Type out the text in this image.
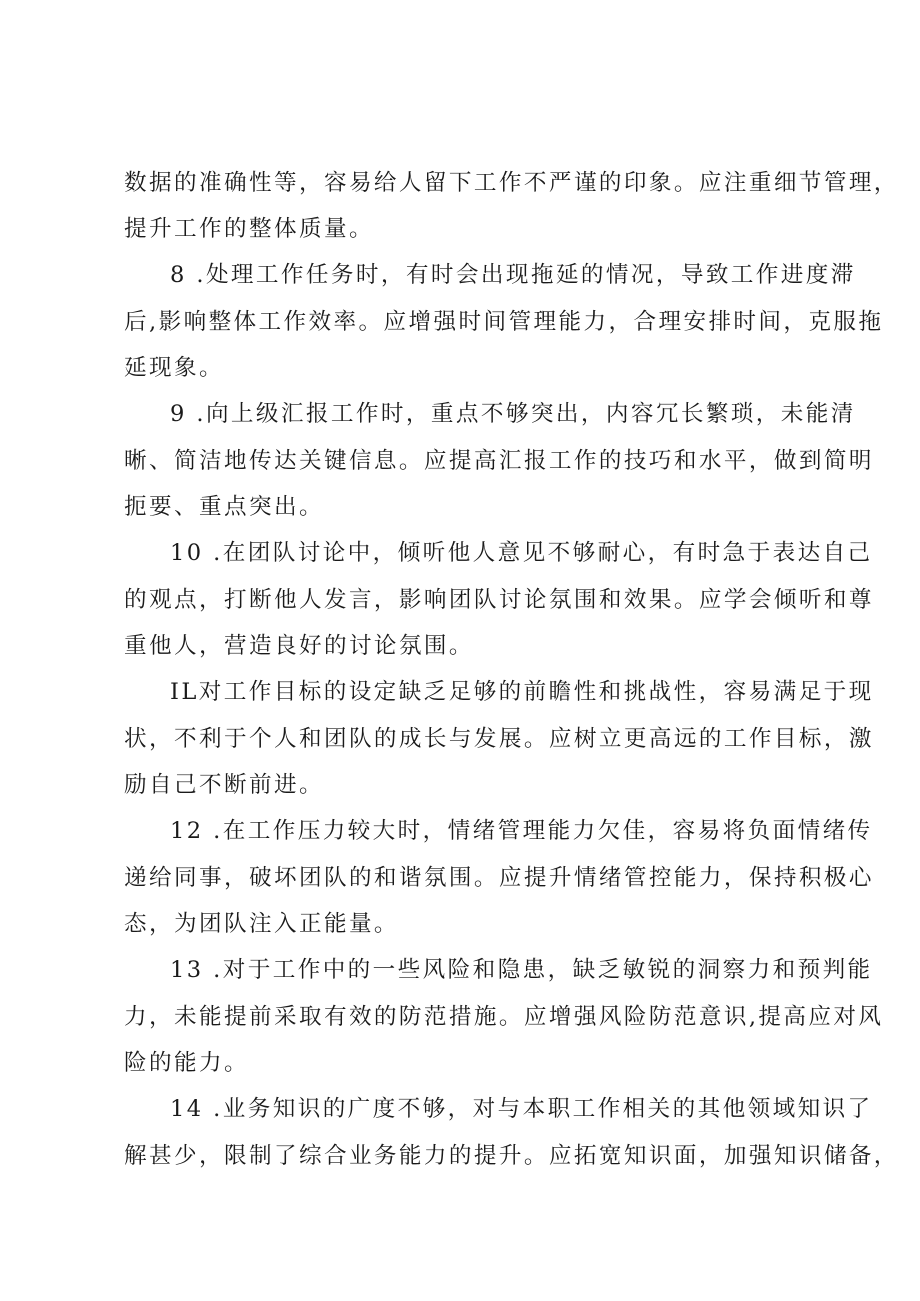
数据的准确性等，容易给人留下工作不严谨的印象。应注重细节管理，
提升工作的整体质量。
8 .处理工作任务时，有时会出现拖延的情况，导致工作进度滞
后,影响整体工作效率。应增强时间管理能力，合理安排时间，克服拖
延现象。
9 .向上级汇报工作时，重点不够突出，内容冗长繁琐，未能清
晰、简洁地传达关键信息。应提高汇报工作的技巧和水平，做到简明
扼要、重点突出。
10 .在团队讨论中，倾听他人意见不够耐心，有时急于表达自己
的观点，打断他人发言，影响团队讨论氛围和效果。应学会倾听和尊
重他人，营造良好的讨论氛围。
IL对工作目标的设定缺乏足够的前瞻性和挑战性，容易满足于现
状，不利于个人和团队的成长与发展。应树立更高远的工作目标，激
励自己不断前进。
12 .在工作压力较大时，情绪管理能力欠佳，容易将负面情绪传
递给同事，破坏团队的和谐氛围。应提升情绪管控能力，保持积极心
态，为团队注入正能量。
13 .对于工作中的一些风险和隐患，缺乏敏锐的洞察力和预判能
力，未能提前采取有效的防范措施。应增强风险防范意识,提高应对风
险的能力。
14 .业务知识的广度不够，对与本职工作相关的其他领域知识了
解甚少，限制了综合业务能力的提升。应拓宽知识面，加强知识储备，
